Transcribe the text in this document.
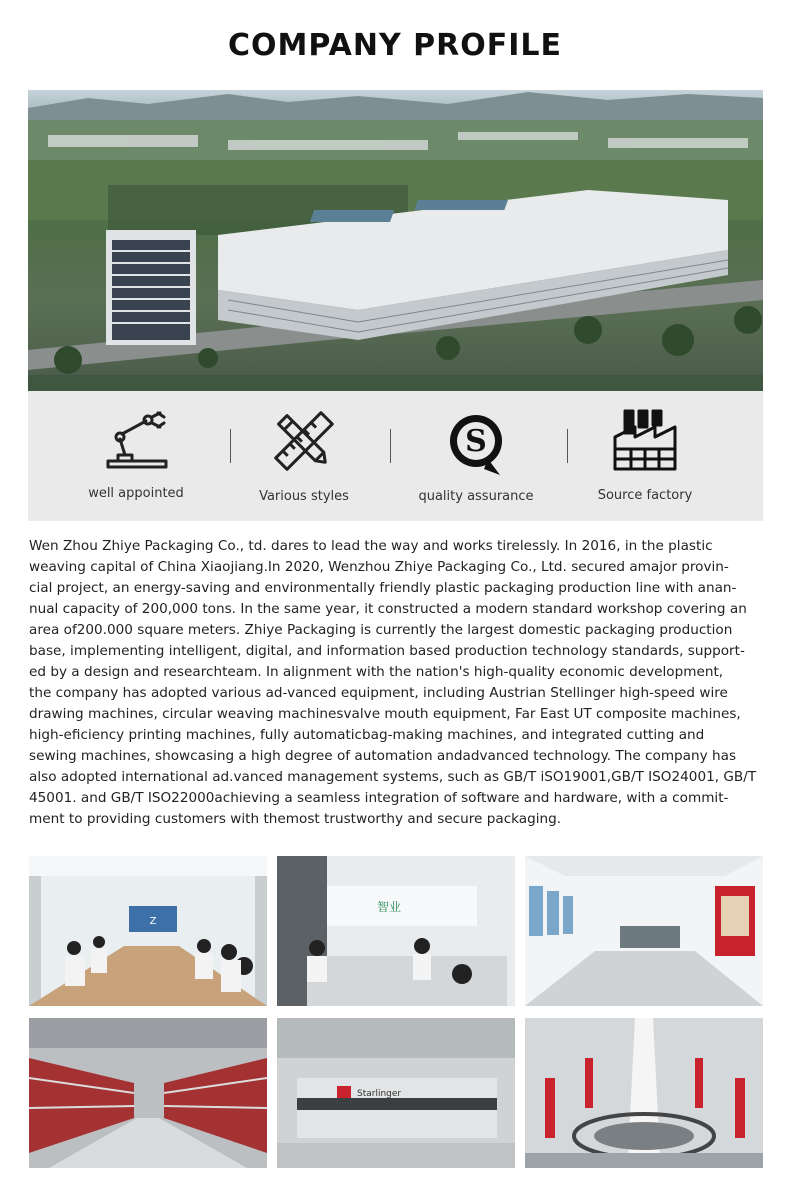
COMPANY PROFILE
well appointed	Various styles
S
quality assurance	Source factory
Wen Zhou Zhiye Packaging Co., td. dares to lead the way and works tirelessly. In 2016, in the plastic
weaving capital of China Xiaojiang.In 2020, Wenzhou Zhiye Packaging Co., Ltd. secured amajor provin-
cial project, an energy-saving and environmentally friendly plastic packaging production line with anan-
nual capacity of 200,000 tons. In the same year, it constructed a modern standard workshop covering an
area of200.000 square meters. Zhiye Packaging is currently the largest domestic packaging production
base, implementing intelligent, digital, and information based production technology standards, support-
ed by a design and researchteam. In alignment with the nation's high-quality economic development,
the company has adopted various ad-vanced equipment, including Austrian Stellinger high-speed wire
drawing machines, circular weaving machinesvalve mouth equipment, Far East UT composite machines,
high-eficiency printing machines, fully automaticbag-making machines, and integrated cutting and
sewing machines, showcasing a high degree of automation andadvanced technology. The company has
also adopted international ad.vanced management systems, such as GB/T iSO19001,GB/T ISO24001, GB/T
45001. and GB/T ISO22000achieving a seamless integration of software and hardware, with a commit-
ment to providing customers with themost trustworthy and secure packaging.
Z
智业
Starlinger
